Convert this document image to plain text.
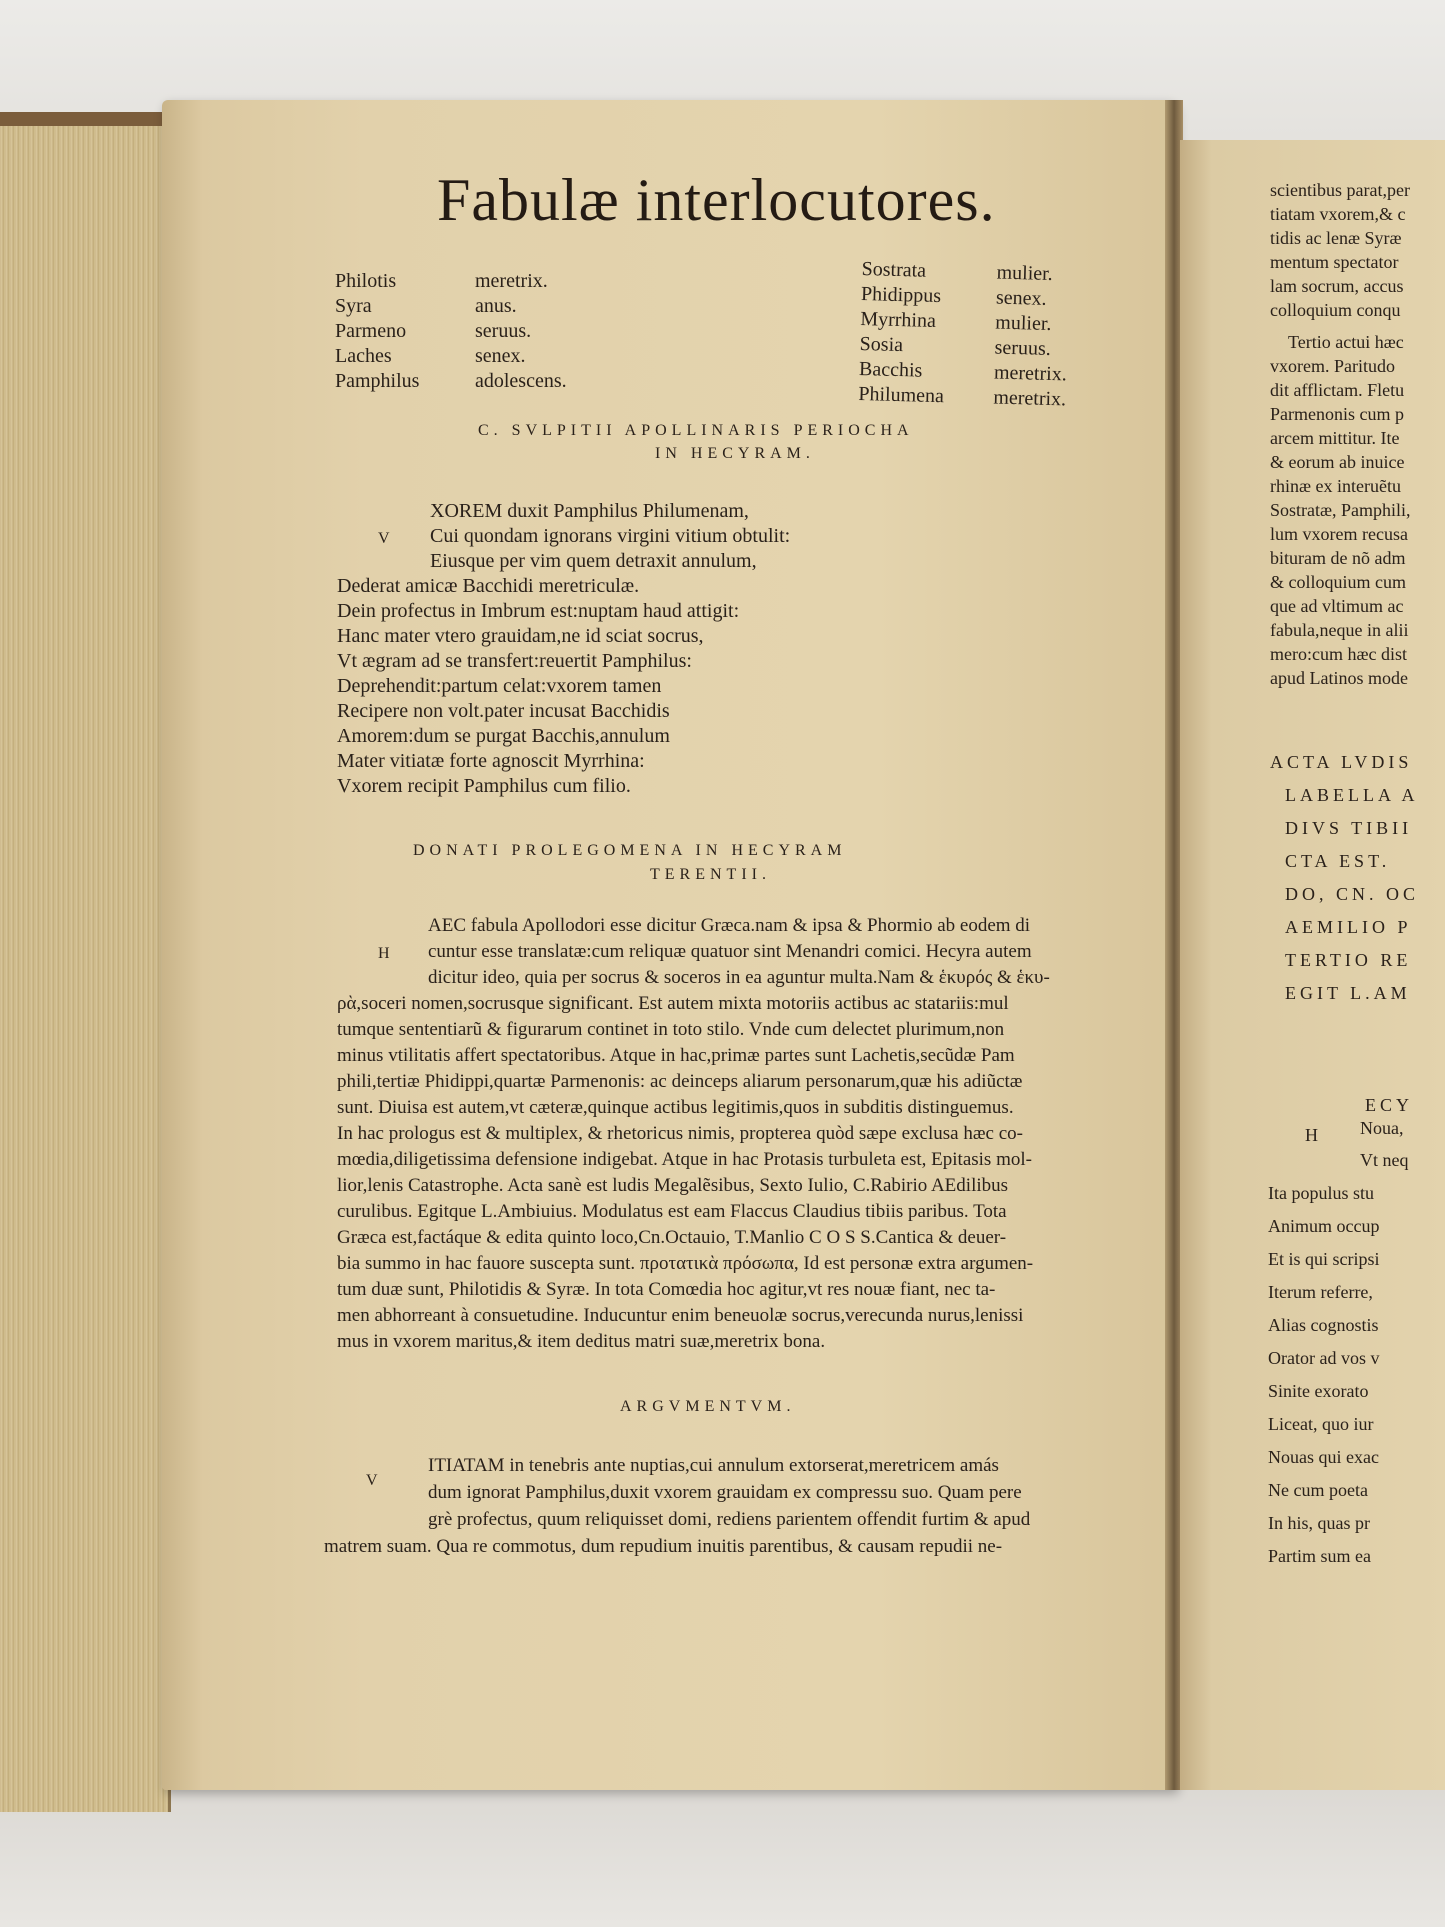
Fabulæ interlocutores.
Philotis	meretrix.
Syra	anus.
Parmeno	seruus.
Laches	senex.
Pamphilus	adolescens.
Sostrata	mulier.
Phidippus	senex.
Myrrhina	mulier.
Sosia	seruus.
Bacchis	meretrix.
Philumena meretrix.
C. SVLPITII APOLLINARIS PERIOCHA
IN HECYRAM.
V
XOREM duxit Pamphilus Philumenam,
Cui quondam ignorans virgini vitium obtulit:
Eiusque per vim quem detraxit annulum,
Dederat amicæ Bacchidi meretriculæ.
Dein profectus in Imbrum est:nuptam haud attigit:
Hanc mater vtero grauidam,ne id sciat socrus,
Vt ægram ad se transfert:reuertit Pamphilus:
Deprehendit:partum celat:vxorem tamen
Recipere non volt.pater incusat Bacchidis
Amorem:dum se purgat Bacchis,annulum
Mater vitiatæ forte agnoscit Myrrhina:
Vxorem recipit Pamphilus cum filio.
DONATI PROLEGOMENA IN HECYRAM
TERENTII.
H
AEC fabula Apollodori esse dicitur Græca.nam & ipsa & Phormio ab eodem di
cuntur esse translatæ:cum reliquæ quatuor sint Menandri comici. Hecyra autem
dicitur ideo, quia per socrus & soceros in ea aguntur multa.Nam & ἑκυρός & ἑκυ-
ρὰ,soceri nomen,socrusque significant. Est autem mixta motoriis actibus ac statariis:mul
tumque sententiarũ & figurarum continet in toto stilo. Vnde cum delectet plurimum,non
minus vtilitatis affert spectatoribus. Atque in hac,primæ partes sunt Lachetis,secũdæ Pam
phili,tertiæ Phidippi,quartæ Parmenonis: ac deinceps aliarum personarum,quæ his adiũctæ
sunt. Diuisa est autem,vt cæteræ,quinque actibus legitimis,quos in subditis distinguemus.
In hac prologus est & multiplex, & rhetoricus nimis, propterea quòd sæpe exclusa hæc co-
mœdia,diligetissima defensione indigebat. Atque in hac Protasis turbuleta est, Epitasis mol-
lior,lenis Catastrophe. Acta sanè est ludis Megalẽsibus, Sexto Iulio, C.Rabirio AEdilibus
curulibus. Egitque L.Ambiuius. Modulatus est eam Flaccus Claudius tibiis paribus. Tota
Græca est,factáque & edita quinto loco,Cn.Octauio, T.Manlio C O S S.Cantica & deuer-
bia summo in hac fauore suscepta sunt. προτατικὰ πρόσωπα, Id est personæ extra argumen-
tum duæ sunt, Philotidis & Syræ. In tota Comœdia hoc agitur,vt res nouæ fiant, nec ta-
men abhorreant à consuetudine. Inducuntur enim beneuolæ socrus,verecunda nurus,lenissi
mus in vxorem maritus,& item deditus matri suæ,meretrix bona.
ARGVMENTVM.
V
ITIATAM in tenebris ante nuptias,cui annulum extorserat,meretricem amás
dum ignorat Pamphilus,duxit vxorem grauidam ex compressu suo. Quam pere
grè profectus, quum reliquisset domi, rediens parientem offendit furtim & apud
matrem suam. Qua re commotus, dum repudium inuitis parentibus, & causam repudii ne-
scientibus parat,per
tiatam vxorem,& c
tidis ac lenæ Syræ
mentum spectator
lam socrum, accus
colloquium conqu
Tertio actui hæc
vxorem. Paritudo
dit afflictam. Fletu
Parmenonis cum p
arcem mittitur. Ite
& eorum ab inuice
rhinæ ex interuẽtu
Sostratæ, Pamphili,
lum vxorem recusa
bituram de nõ adm
& colloquium cum
que ad vltimum ac
fabula,neque in alii
mero:cum hæc dist
apud Latinos mode
ACTA LVDIS
LABELLA A
DIVS TIBII
CTA EST.
DO, CN. OC
AEMILIO P
TERTIO RE
EGIT L.AM
ECY
H Noua,
Vt neq
Ita populus stu
Animum occup
Et is qui scripsi
Iterum referre,
Alias cognostis
Orator ad vos v
Sinite exorato
Liceat, quo iur
Nouas qui exac
Ne cum poeta
In his, quas pr
Partim sum ea
